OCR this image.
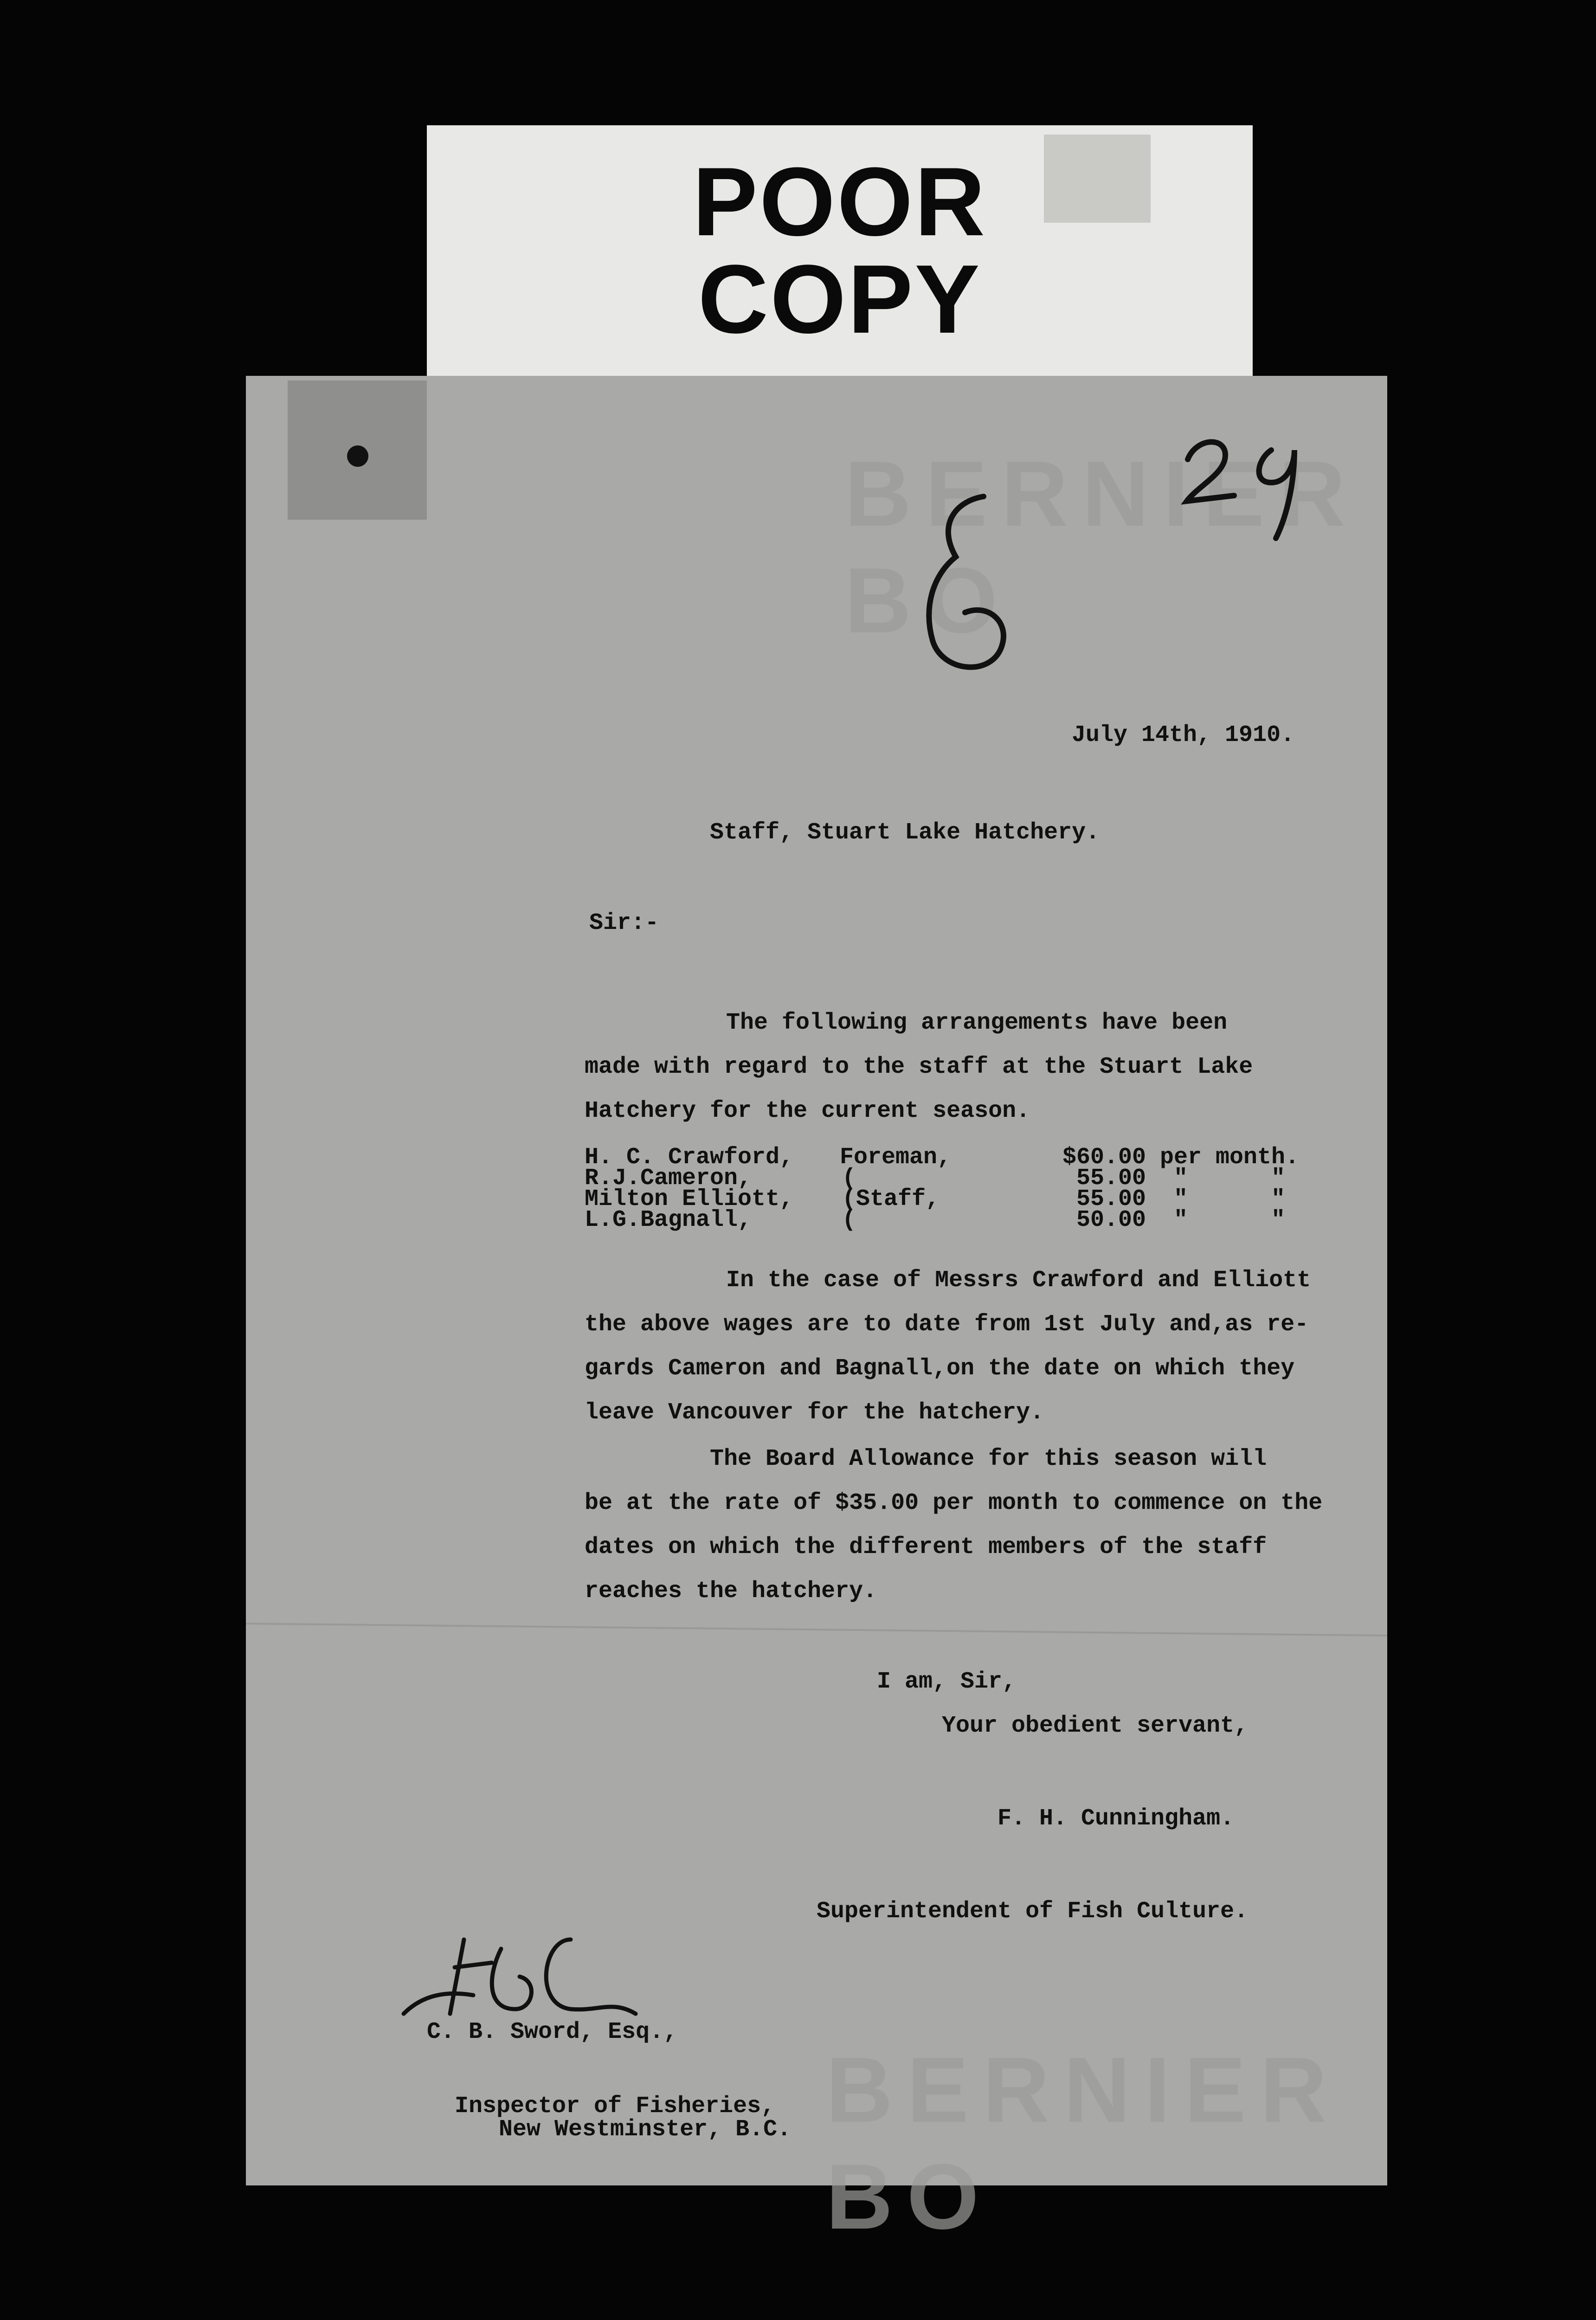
POOR
COPY
BERNIER BO
BERNIER BO
July 14th, 1910.
Staff, Stuart Lake Hatchery.
Sir:-
The following arrangements have been
made with regard to the staff at the Stuart Lake
Hatchery for the current season.
H. C. Crawford, Foreman,	$60.00 per month.
R.J.Cameron,	(	55.00 "      "
Milton Elliott, ( Staff,	55.00 "      "
L.G.Bagnall,	(	50.00 "      "
In the case of Messrs Crawford and Elliott
the above wages are to date from 1st July and,as re-
gards Cameron and Bagnall,on the date on which they
leave Vancouver for the hatchery.
The Board Allowance for this season will
be at the rate of $35.00 per month to commence on the
dates on which the different members of the staff
reaches the hatchery.
I am, Sir,
Your obedient servant,
F. H. Cunningham.
Superintendent of Fish Culture.
C. B. Sword, Esq.,
Inspector of Fisheries,
New Westminster, B.C.
